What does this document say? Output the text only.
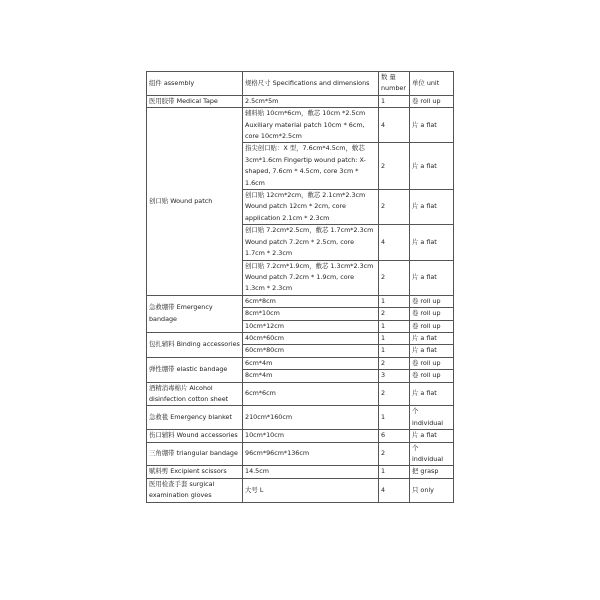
组件 assembly	规格尺寸 Specifications and dimensions	数 量 number	单位 unit
医用胶带 Medical Tape	2.5cm*5m	1	卷 roll up
创口贴 Wound patch	辅料贴 10cm*6cm，敷芯 10cm *2.5cm Auxiliary material patch 10cm * 6cm, core 10cm*2.5cm	4	片 a flat
	指尖创口贴：X 型，7.6cm*4.5cm，敷芯 3cm*1.6cm Fingertip wound patch: X-shaped, 7.6cm * 4.5cm, core 3cm * 1.6cm	2	片 a flat
	创口贴 12cm*2cm，敷芯 2.1cm*2.3cm Wound patch 12cm * 2cm, core application 2.1cm * 2.3cm	2	片 a flat
	创口贴 7.2cm*2.5cm，敷芯 1.7cm*2.3cm Wound patch 7.2cm * 2.5cm, core 1.7cm * 2.3cm	4	片 a flat
	创口贴 7.2cm*1.9cm，敷芯 1.3cm*2.3cm Wound patch 7.2cm * 1.9cm, core 1.3cm * 2.3cm	2	片 a flat
急救绷带 Emergency bandage	6cm*8cm	1	卷 roll up
	8cm*10cm	2	卷 roll up
	10cm*12cm	1	卷 roll up
包扎辅料 Binding accessories	40cm*60cm	1	片 a flat
	60cm*80cm	1	片 a flat
弹性绷带 elastic bandage	6cm*4m	2	卷 roll up
	8cm*4m	3	卷 roll up
酒精消毒棉片 Alcohol disinfection cotton sheet	6cm*6cm	2	片 a flat
急救毯 Emergency blanket	210cm*160cm	1	个 individual
伤口辅料 Wound accessories	10cm*10cm	6	片 a flat
三角绷带 triangular bandage	96cm*96cm*136cm	2	个 individual
赋料剪 Excipient scissors	14.5cm	1	把 grasp
医用检查手套 surgical examination gloves	大号 L	4	只 only
